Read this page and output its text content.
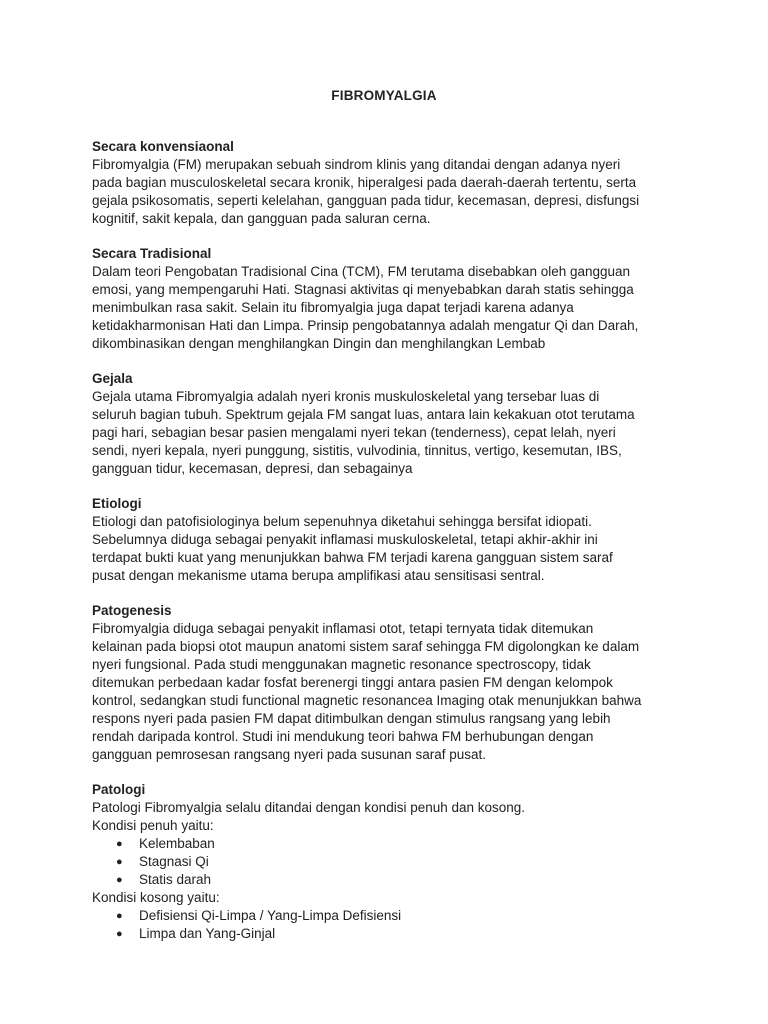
FIBROMYALGIA

Secara konvensiaonal

Fibromyalgia (FM) merupakan sebuah sindrom klinis yang ditandai dengan adanya nyeri
pada bagian musculoskeletal secara kronik, hiperalgesi pada daerah-daerah tertentu, serta
gejala psikosomatis, seperti kelelahan, gangguan pada tidur, kecemasan, depresi, disfungsi
kognitif, sakit kepala, dan gangguan pada saluran cerna.

Secara Tradisional

Dalam teori Pengobatan Tradisional Cina (TCM), FM terutama disebabkan oleh gangguan
emosi, yang mempengaruhi Hati. Stagnasi aktivitas qi menyebabkan darah statis sehingga
menimbulkan rasa sakit. Selain itu fibromyalgia juga dapat terjadi karena adanya
ketidakharmonisan Hati dan Limpa. Prinsip pengobatannya adalah mengatur Qi dan Darah,
dikombinasikan dengan menghilangkan Dingin dan menghilangkan Lembab

Gejala

Gejala utama Fibromyalgia adalah nyeri kronis muskuloskeletal yang tersebar luas di
seluruh bagian tubuh. Spektrum gejala FM sangat luas, antara lain kekakuan otot terutama
pagi hari, sebagian besar pasien mengalami nyeri tekan (tenderness), cepat lelah, nyeri
sendi, nyeri kepala, nyeri punggung, sistitis, vulvodinia, tinnitus, vertigo, kesemutan, IBS,
gangguan tidur, kecemasan, depresi, dan sebagainya

Etiologi

Etiologi dan patofisiologinya belum sepenuhnya diketahui sehingga bersifat idiopati.
Sebelumnya diduga sebagai penyakit inflamasi muskuloskeletal, tetapi akhir-akhir ini
terdapat bukti kuat yang menunjukkan bahwa FM terjadi karena gangguan sistem saraf
pusat dengan mekanisme utama berupa amplifikasi atau sensitisasi sentral.

Patogenesis

Fibromyalgia diduga sebagai penyakit inflamasi otot, tetapi ternyata tidak ditemukan
kelainan pada biopsi otot maupun anatomi sistem saraf sehingga FM digolongkan ke dalam
nyeri fungsional. Pada studi menggunakan magnetic resonance spectroscopy, tidak
ditemukan perbedaan kadar fosfat berenergi tinggi antara pasien FM dengan kelompok
kontrol, sedangkan studi functional magnetic resonancea Imaging otak menunjukkan bahwa
respons nyeri pada pasien FM dapat ditimbulkan dengan stimulus rangsang yang lebih
rendah daripada kontrol. Studi ini mendukung teori bahwa FM berhubungan dengan
gangguan pemrosesan rangsang nyeri pada susunan saraf pusat.

Patologi

Patologi Fibromyalgia selalu ditandai dengan kondisi penuh dan kosong.

Kondisi penuh yaitu:

● Kelembaban
● Stagnasi Qi
● Statis darah

Kondisi kosong yaitu:

● Defisiensi Qi-Limpa / Yang-Limpa Defisiensi
● Limpa dan Yang-Ginjal
